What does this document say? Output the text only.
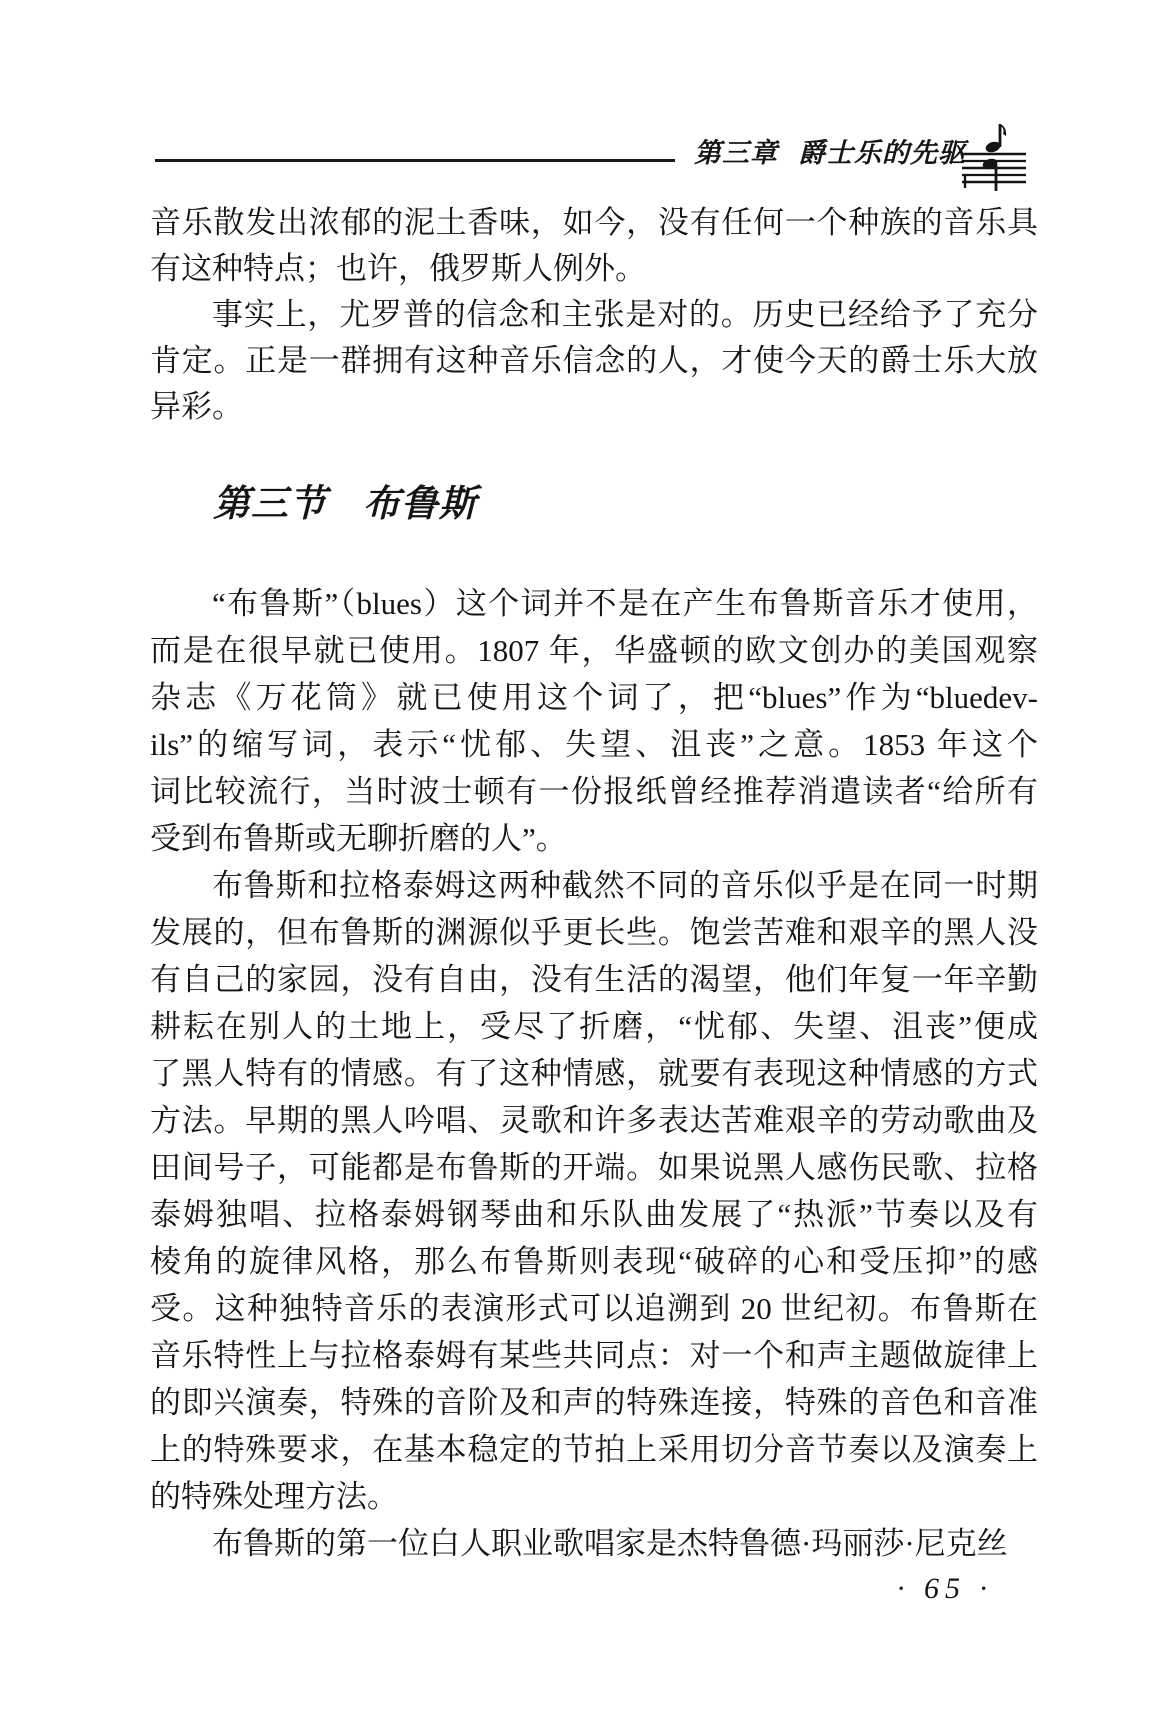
第三章 爵士乐的先驱

音乐散发出浓郁的泥土香味，如今，没有任何一个种族的音乐具
有这种特点；也许，俄罗斯人例外。

事实上，尤罗普的信念和主张是对的。历史已经给予了充分
肯定。正是一群拥有这种音乐信念的人，才使今天的爵士乐大放
异彩。

第三节 布鲁斯

“布鲁斯”（blues）这个词并不是在产生布鲁斯音乐才使用，
而是在很早就已使用。1807 年，华盛顿的欧文创办的美国观察
杂志《万花筒》就已使用这个词了，把“blues”作为“bluedev-
ils”的缩写词，表示“忧郁、失望、沮丧”之意。1853 年这个
词比较流行，当时波士顿有一份报纸曾经推荐消遣读者“给所有
受到布鲁斯或无聊折磨的人”。

布鲁斯和拉格泰姆这两种截然不同的音乐似乎是在同一时期
发展的，但布鲁斯的渊源似乎更长些。饱尝苦难和艰辛的黑人没
有自己的家园，没有自由，没有生活的渴望，他们年复一年辛勤
耕耘在别人的土地上，受尽了折磨，“忧郁、失望、沮丧”便成
了黑人特有的情感。有了这种情感，就要有表现这种情感的方式
方法。早期的黑人吟唱、灵歌和许多表达苦难艰辛的劳动歌曲及
田间号子，可能都是布鲁斯的开端。如果说黑人感伤民歌、拉格
泰姆独唱、拉格泰姆钢琴曲和乐队曲发展了“热派”节奏以及有
棱角的旋律风格，那么布鲁斯则表现“破碎的心和受压抑”的感
受。这种独特音乐的表演形式可以追溯到 20 世纪初。布鲁斯在
音乐特性上与拉格泰姆有某些共同点：对一个和声主题做旋律上
的即兴演奏，特殊的音阶及和声的特殊连接，特殊的音色和音准
上的特殊要求，在基本稳定的节拍上采用切分音节奏以及演奏上
的特殊处理方法。

布鲁斯的第一位白人职业歌唱家是杰特鲁德·玛丽莎·尼克丝

· 65 ·
